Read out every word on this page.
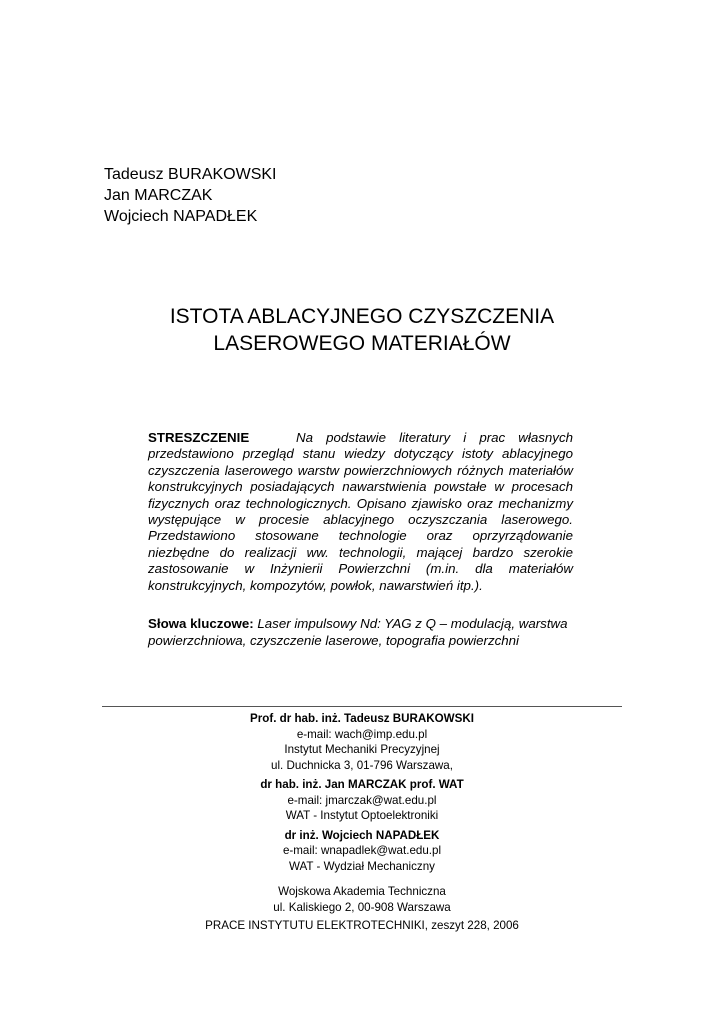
Tadeusz BURAKOWSKI
Jan MARCZAK
Wojciech NAPADŁEK
ISTOTA ABLACYJNEGO CZYSZCZENIA
LASEROWEGO MATERIAŁÓW
STRESZCZENIE	Na podstawie literatury i prac własnych przedstawiono przegląd stanu wiedzy dotyczący istoty ablacyjnego czyszczenia laserowego warstw powierzchniowych różnych materiałów konstrukcyjnych posiadających nawarstwienia powstałe w procesach fizycznych oraz technologicznych. Opisano zjawisko oraz mechanizmy występujące w procesie ablacyjnego oczyszczania laserowego. Przedstawiono stosowane technologie oraz oprzyrządowanie niezbędne do realizacji ww. technologii, mającej bardzo szerokie zastosowanie w Inżynierii Powierzchni (m.in. dla materiałów konstrukcyjnych, kompozytów, powłok, nawarstwień itp.).
Słowa kluczowe: Laser impulsowy Nd: YAG z Q – modulacją, warstwa powierzchniowa, czyszczenie laserowe, topografia powierzchni
Prof. dr hab. inż. Tadeusz BURAKOWSKI
e-mail: wach@imp.edu.pl
Instytut Mechaniki Precyzyjnej
ul. Duchnicka 3, 01-796 Warszawa,
dr hab. inż. Jan MARCZAK prof. WAT
e-mail: jmarczak@wat.edu.pl
WAT - Instytut Optoelektroniki
dr inż. Wojciech NAPADŁEK
e-mail: wnapadlek@wat.edu.pl
WAT - Wydział Mechaniczny
Wojskowa Akademia Techniczna
ul. Kaliskiego 2, 00-908 Warszawa
PRACE INSTYTUTU ELEKTROTECHNIKI, zeszyt 228, 2006
